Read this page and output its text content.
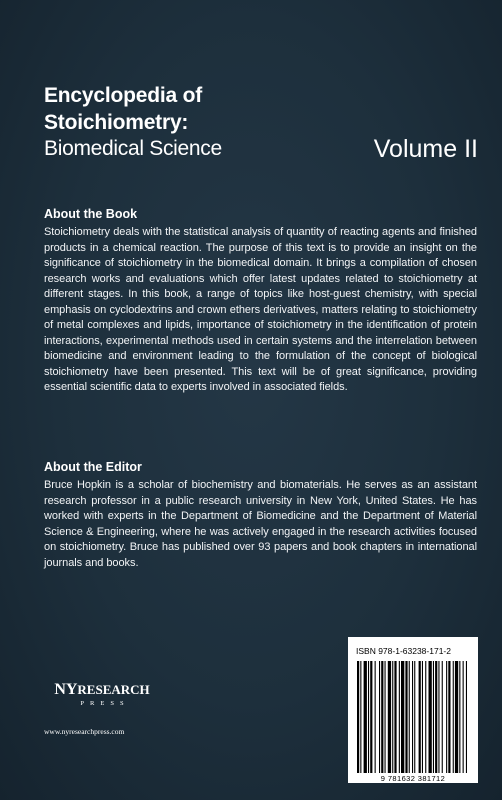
Encyclopedia of
Stoichiometry:
Biomedical Science	Volume II
About the Book

Stoichiometry deals with the statistical analysis of quantity of reacting agents and finished products in a chemical reaction. The purpose of this text is to provide an insight on the significance of stoichiometry in the biomedical domain. It brings a compilation of chosen research works and evaluations which offer latest updates related to stoichiometry at different stages. In this book, a range of topics like host-guest chemistry, with special emphasis on cyclodextrins and crown ethers derivatives, matters relating to stoichiometry of metal complexes and lipids, importance of stoichiometry in the identification of protein interactions, experimental methods used in certain systems and the interrelation between biomedicine and environment leading to the formulation of the concept of biological stoichiometry have been presented. This text will be of great significance, providing essential scientific data to experts involved in associated fields.

About the Editor

Bruce Hopkin is a scholar of biochemistry and biomaterials. He serves as an assistant research professor in a public research university in New York, United States. He has worked with experts in the Department of Biomedicine and the Department of Material Science & Engineering, where he was actively engaged in the research activities focused on stoichiometry. Bruce has published over 93 papers and book chapters in international journals and books.

NYRESEARCH
PRESS
www.nyresearchpress.com
ISBN 978-1-63238-171-2
9 781632 381712
